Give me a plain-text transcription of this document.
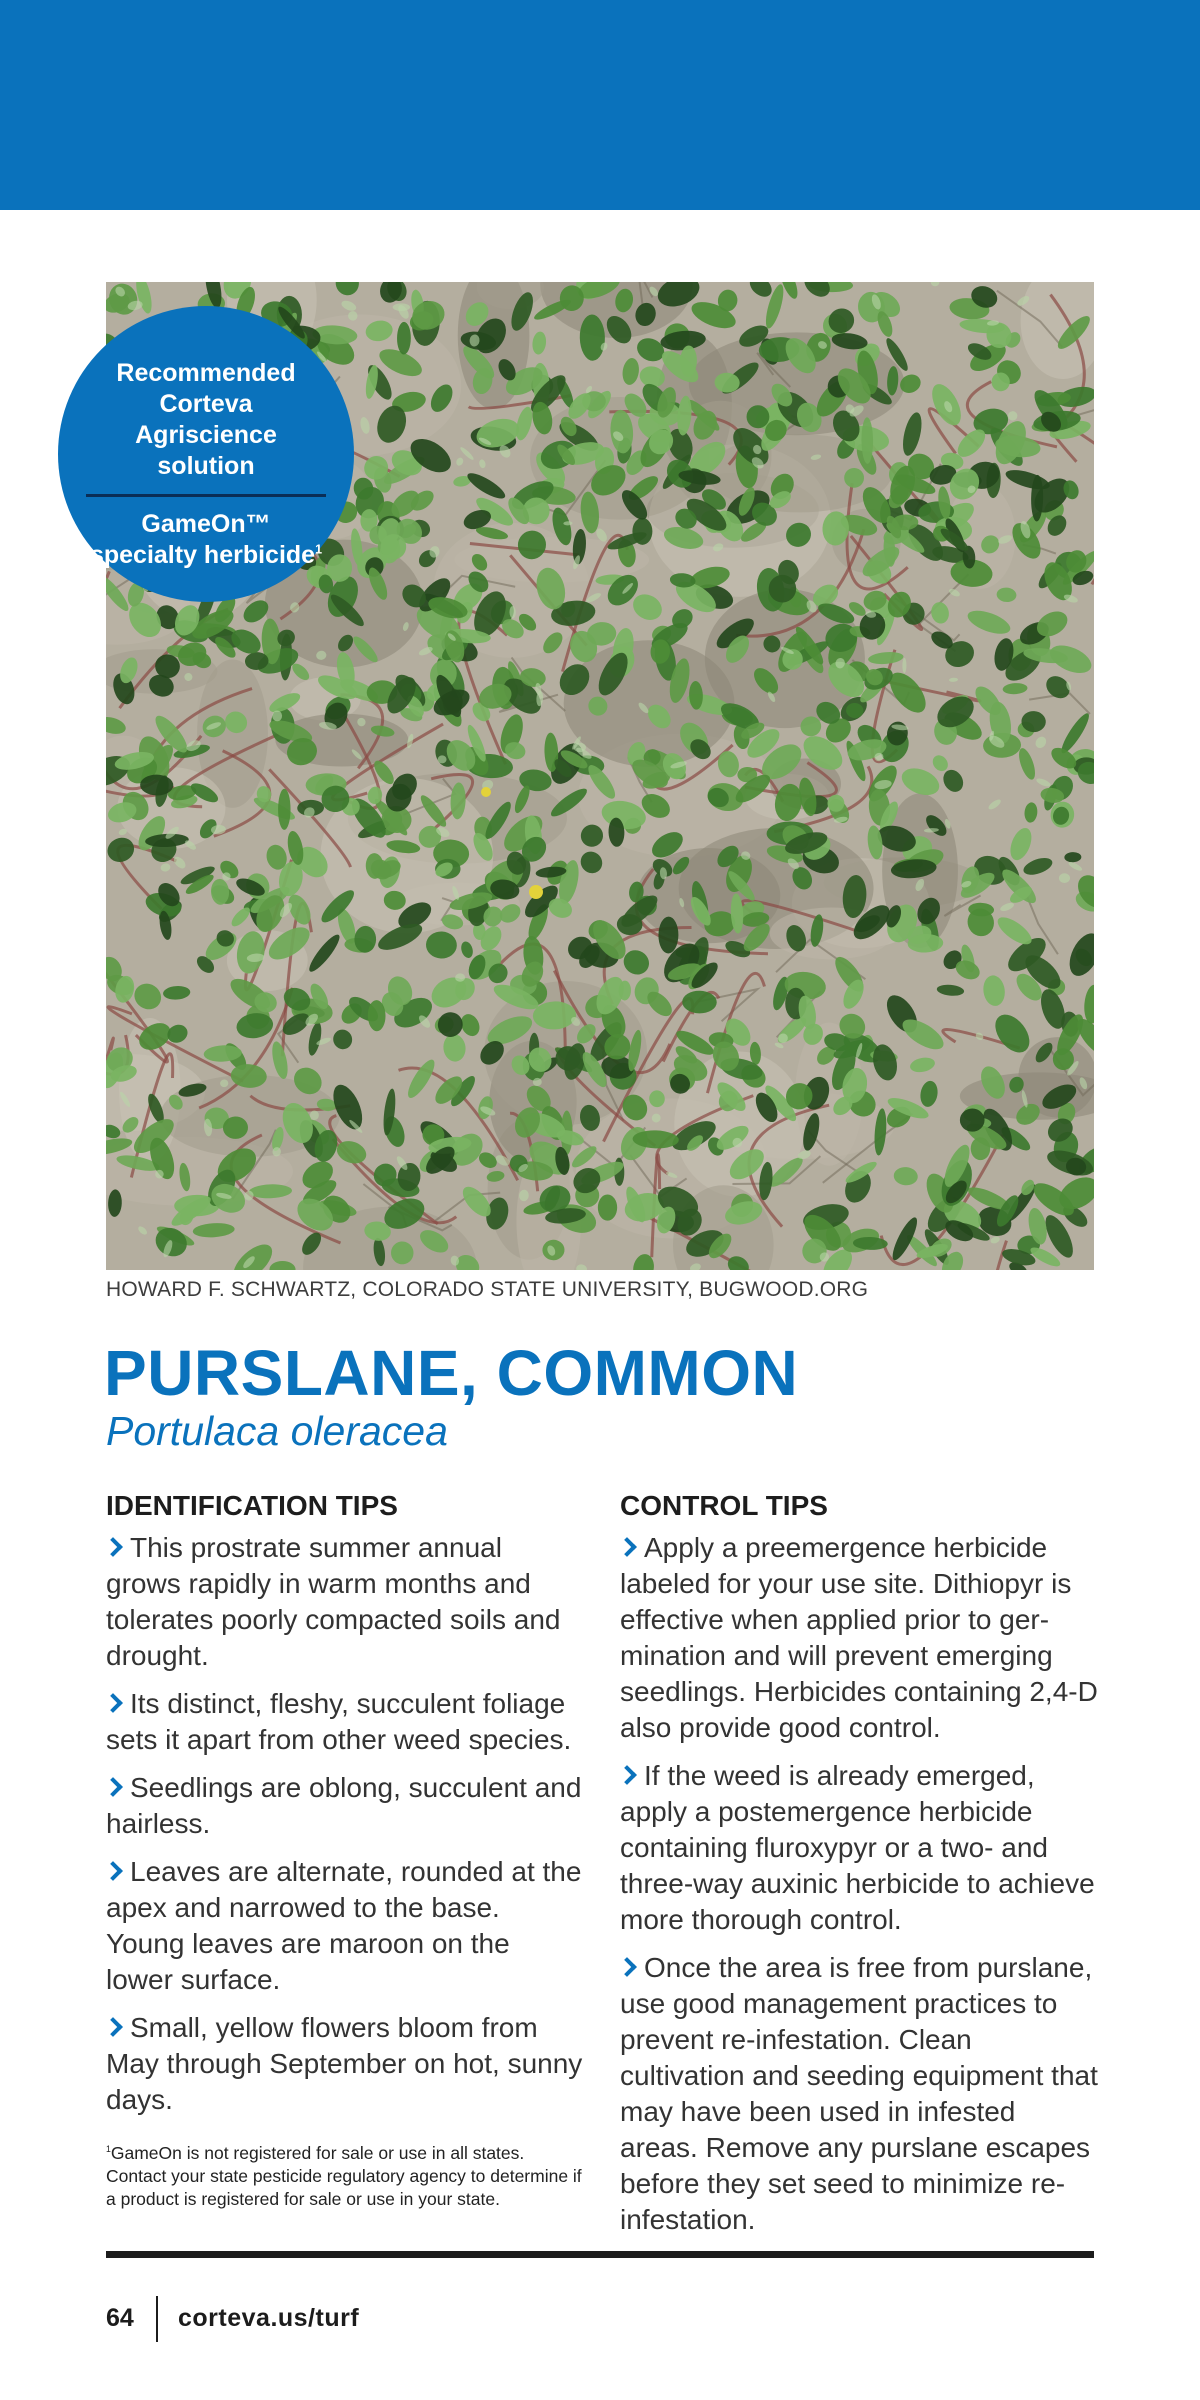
Recommended Corteva Agriscience solution
GameOn™ specialty herbicide$^1$
HOWARD F. SCHWARTZ, COLORADO STATE UNIVERSITY, BUGWOOD.ORG
PURSLANE, COMMON
Portulaca oleracea
IDENTIFICATION TIPS

This prostrate summer annual grows rapidly in warm months and tolerates poorly compacted soils and drought.

Its distinct, fleshy, succulent foliage sets it apart from other weed species.

Seedlings are oblong, succulent and hairless.

Leaves are alternate, rounded at the apex and narrowed to the base. Young leaves are maroon on the lower surface.

Small, yellow flowers bloom from May through September on hot, sunny days.

$^1$GameOn is not registered for sale or use in all states. Contact your state pesticide regulatory agency to determine if a product is registered for sale or use in your state.
CONTROL TIPS

Apply a preemergence herbicide labeled for your use site. Dithiopyr is effective when applied prior to ger-mination and will prevent emerging seedlings. Herbicides containing 2,4-D also provide good control.

If the weed is already emerged, apply a postemergence herbicide containing fluroxypyr or a two- and three-way auxinic herbicide to achieve more thorough control.

Once the area is free from purslane, use good management practices to prevent re-infestation. Clean cultivation and seeding equipment that may have been used in infested areas. Remove any purslane escapes before they set seed to minimize re-infestation.

64 corteva.us/turf
